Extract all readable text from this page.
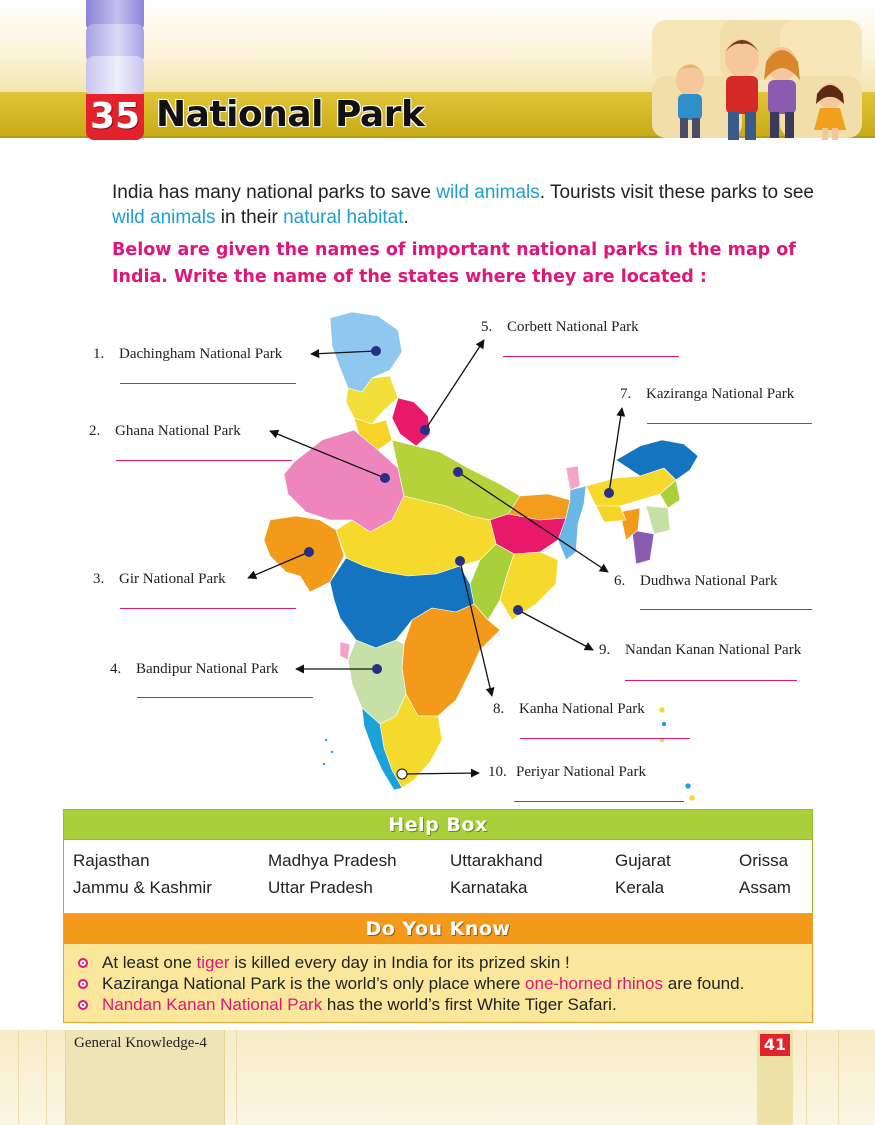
35 National Park

India has many national parks to save wild animals. Tourists visit these parks to see wild animals in their natural habitat.

Below are given the names of important national parks in the map of India. Write the name of the states where they are located :

1. Dachingham National Park
2. Ghana National Park
3. Gir National Park
4. Bandipur National Park
5. Corbett National Park
6. Dudhwa National Park
7. Kaziranga National Park
8. Kanha National Park
9. Nandan Kanan National Park
10. Periyar National Park
Help Box
Rajasthan	Madhya Pradesh	Uttarakhand	Gujarat	Orissa
Jammu & Kashmir	Uttar Pradesh	Karnataka	Kerala	Assam
Do You Know
At least one tiger is killed every day in India for its prized skin !
Kaziranga National Park is the world’s only place where one-horned rhinos are found.
Nandan Kanan National Park has the world’s first White Tiger Safari.
General Knowledge-4	41
